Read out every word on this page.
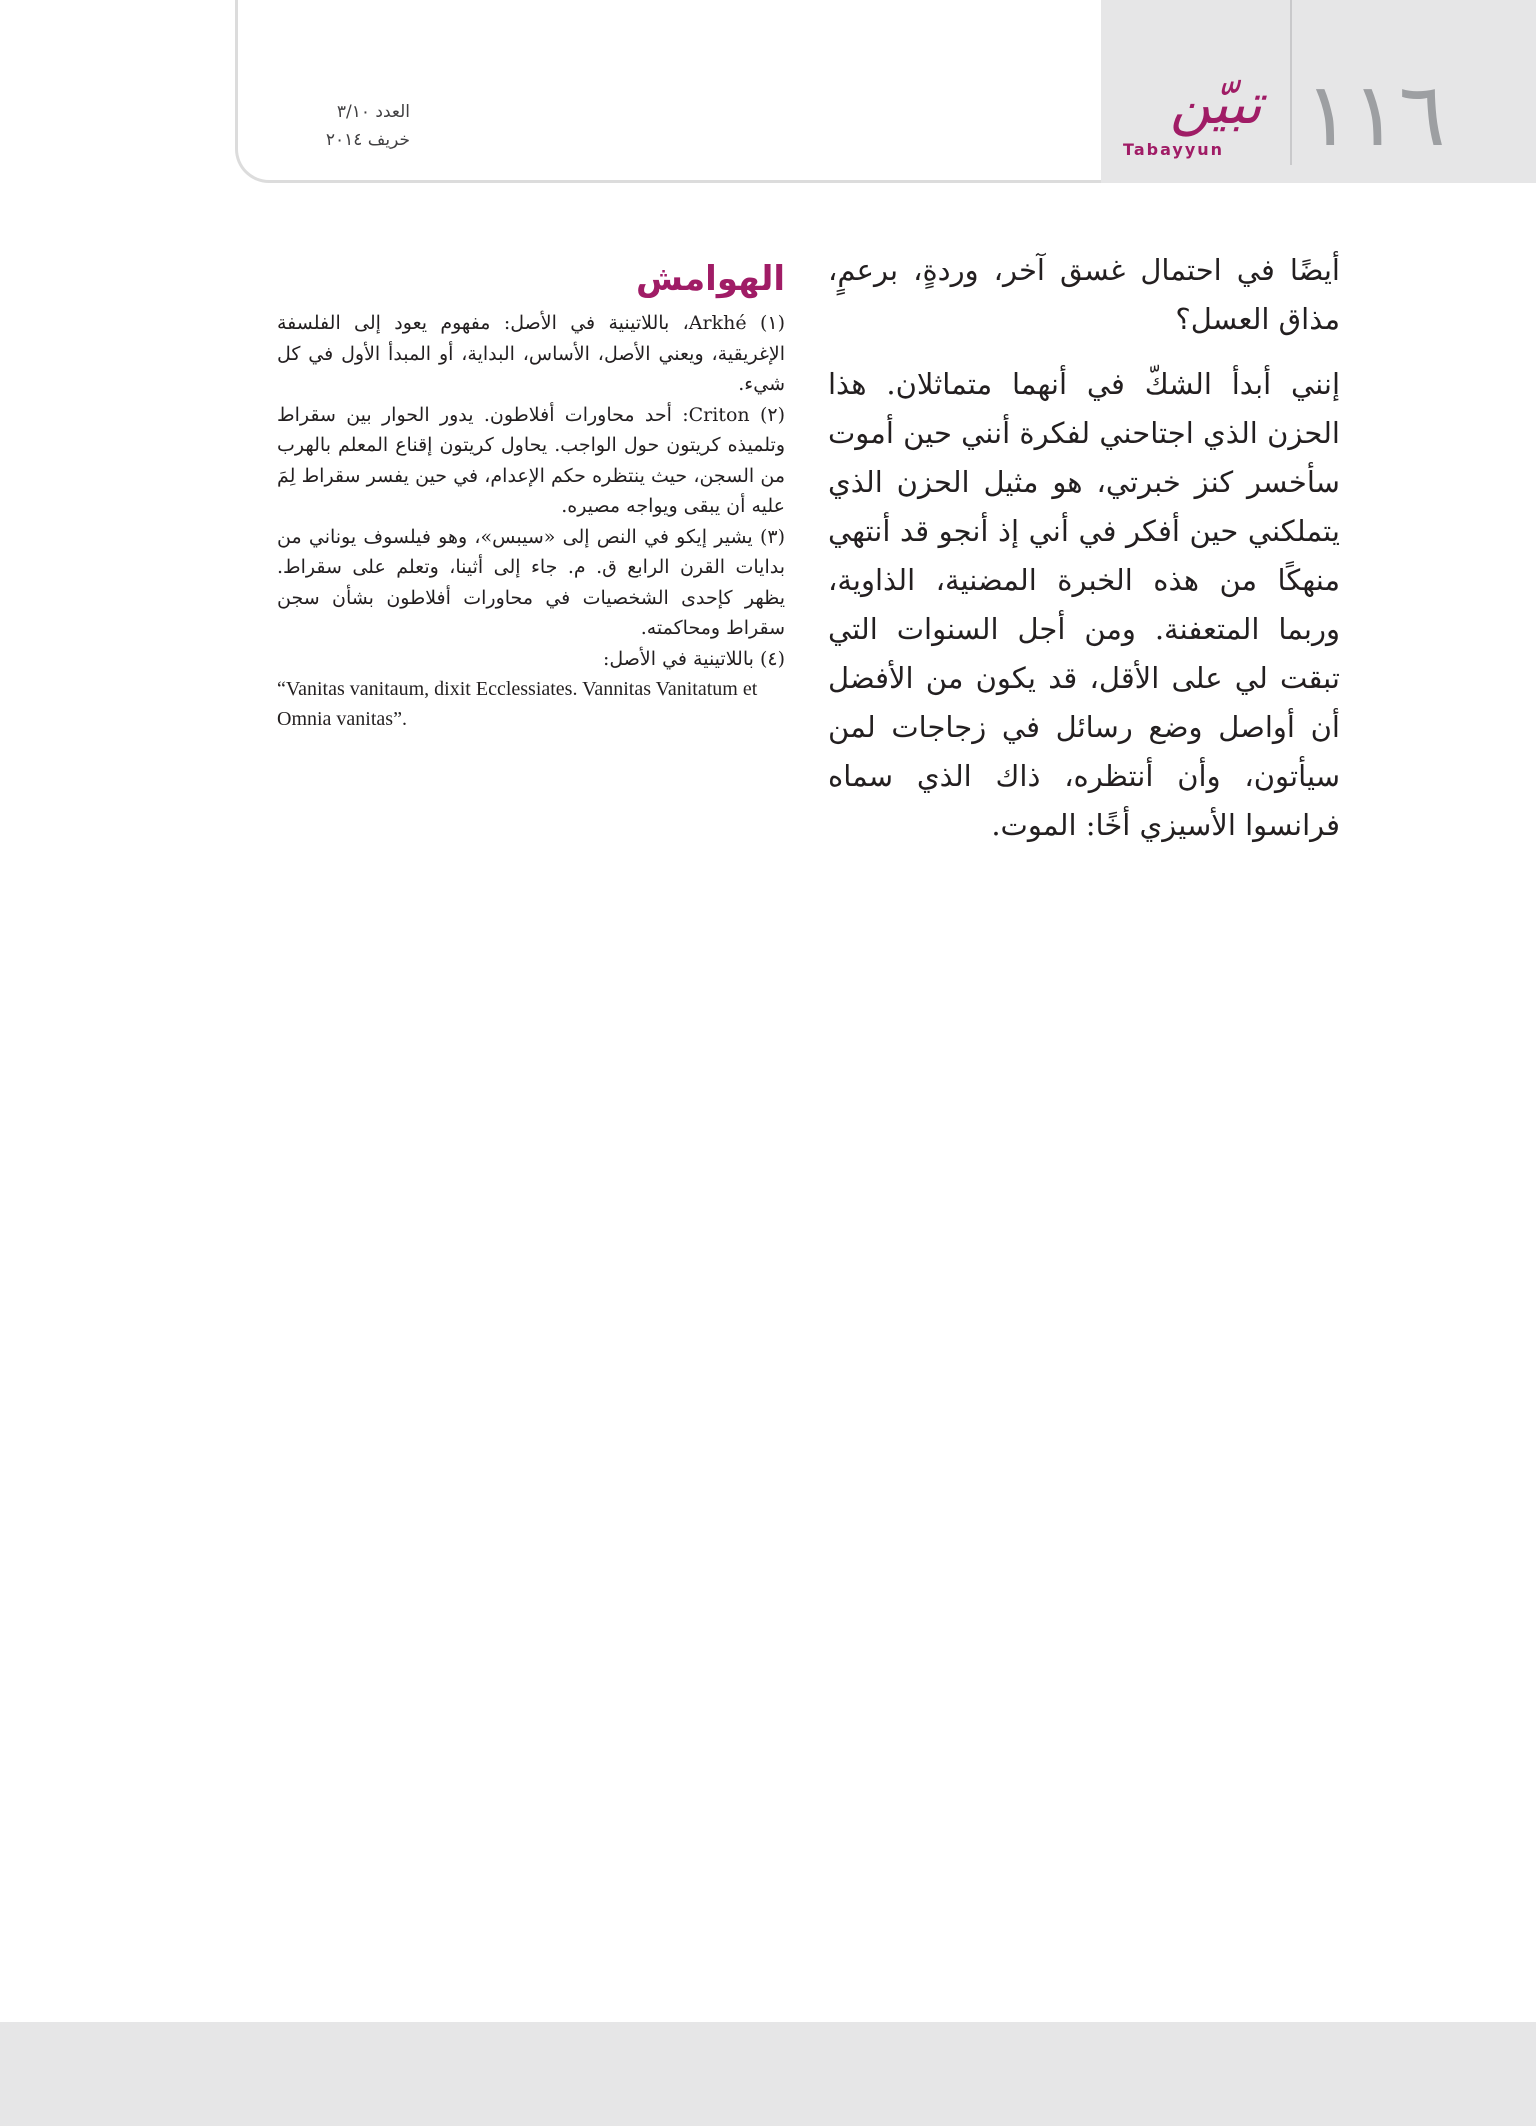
١١٦
تبيّن
Tabayyun
العدد ٣/١٠
خريف ٢٠١٤

أيضًا في احتمال غسق آخر، وردةٍ، برعمٍ، مذاق العسل؟

إنني أبدأ الشكّ في أنهما متماثلان. هذا الحزن الذي اجتاحني لفكرة أنني حين أموت سأخسر كنز خبرتي، هو مثيل الحزن الذي يتملكني حين أفكر في أني إذ أنجو قد أنتهي منهكًا من هذه الخبرة المضنية، الذاوية، وربما المتعفنة. ومن أجل السنوات التي تبقت لي على الأقل، قد يكون من الأفضل أن أواصل وضع رسائل في زجاجات لمن سيأتون، وأن أنتظره، ذاك الذي سماه فرانسوا الأسيزي أخًا: الموت.

الهوامش

(١) Arkhé، باللاتينية في الأصل: مفهوم يعود إلى الفلسفة الإغريقية، ويعني الأصل، الأساس، البداية، أو المبدأ الأول في كل شيء.

(٢) Criton: أحد محاورات أفلاطون. يدور الحوار بين سقراط وتلميذه كريتون حول الواجب. يحاول كريتون إقناع المعلم بالهرب من السجن، حيث ينتظره حكم الإعدام، في حين يفسر سقراط لِمَ عليه أن يبقى ويواجه مصيره.

(٣) يشير إيكو في النص إلى «سيبس»، وهو فيلسوف يوناني من بدايات القرن الرابع ق. م. جاء إلى أثينا، وتعلم على سقراط. يظهر كإحدى الشخصيات في محاورات أفلاطون بشأن سجن سقراط ومحاكمته.

(٤) باللاتينية في الأصل:

“Vanitas vanitaum, dixit Ecclessiates. Vannitas Vanitatum et Omnia vanitas”.
